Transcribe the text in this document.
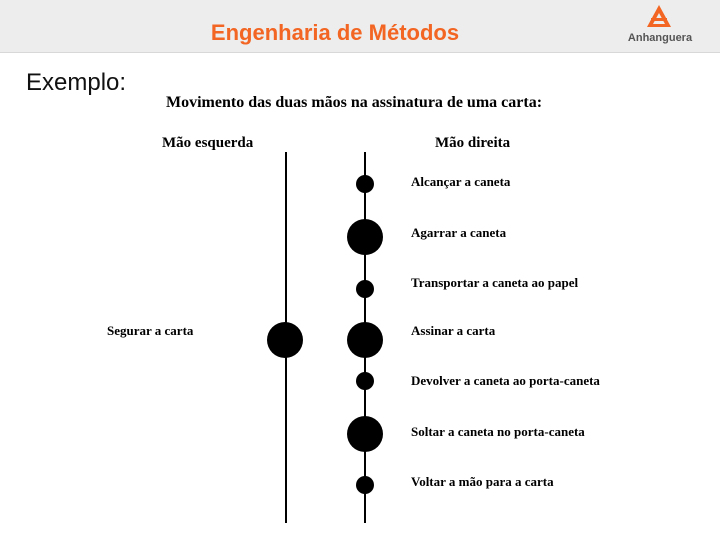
Engenharia de Métodos	Anhanguera
Exemplo:
Movimento das duas mãos na assinatura de uma carta:
Mão esquerda	Mão direita
Segurar a carta
Alcançar a caneta
Agarrar a caneta
Transportar a caneta ao papel
Assinar a carta
Devolver a caneta ao porta-caneta
Soltar a caneta no porta-caneta
Voltar a mão para a carta
